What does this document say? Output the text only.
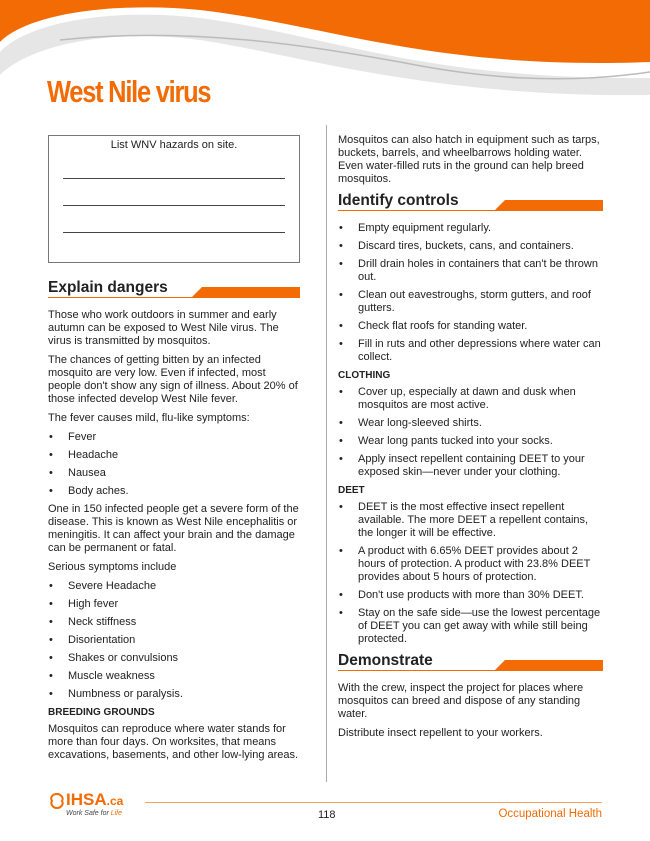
West Nile virus
List WNV hazards on site.
Explain dangers

Those who work outdoors in summer and early autumn can be exposed to West Nile virus. The virus is transmitted by mosquitos.

The chances of getting bitten by an infected mosquito are very low. Even if infected, most people don't show any sign of illness. About 20% of those infected develop West Nile fever.

The fever causes mild, flu-like symptoms:

• Fever
• Headache
• Nausea
• Body aches.

One in 150 infected people get a severe form of the disease. This is known as West Nile encephalitis or meningitis. It can affect your brain and the damage can be permanent or fatal.

Serious symptoms include

• Severe Headache
• High fever
• Neck stiffness
• Disorientation
• Shakes or convulsions
• Muscle weakness
• Numbness or paralysis.
BREEDING GROUNDS

Mosquitos can reproduce where water stands for more than four days. On worksites, that means excavations, basements, and other low-lying areas.

Mosquitos can also hatch in equipment such as tarps, buckets, barrels, and wheelbarrows holding water. Even water-filled ruts in the ground can help breed mosquitos.

Identify controls
• Empty equipment regularly.
• Discard tires, buckets, cans, and containers.
• Drill drain holes in containers that can't be thrown out.
• Clean out eavestroughs, storm gutters, and roof gutters.
• Check flat roofs for standing water.
• Fill in ruts and other depressions where water can collect.
CLOTHING
• Cover up, especially at dawn and dusk when mosquitos are most active.
• Wear long-sleeved shirts.
• Wear long pants tucked into your socks.
• Apply insect repellent containing DEET to your exposed skin—never under your clothing.
DEET
• DEET is the most effective insect repellent available. The more DEET a repellent contains, the longer it will be effective.
• A product with 6.65% DEET provides about 2 hours of protection. A product with 23.8% DEET provides about 5 hours of protection.
• Don't use products with more than 30% DEET.
• Stay on the safe side—use the lowest percentage of DEET you can get away with while still being protected.
Demonstrate

With the crew, inspect the project for places where mosquitos can breed and dispose of any standing water.

Distribute insect repellent to your workers.

IHSA.ca
Work Safe for Life	118	Occupational Health
